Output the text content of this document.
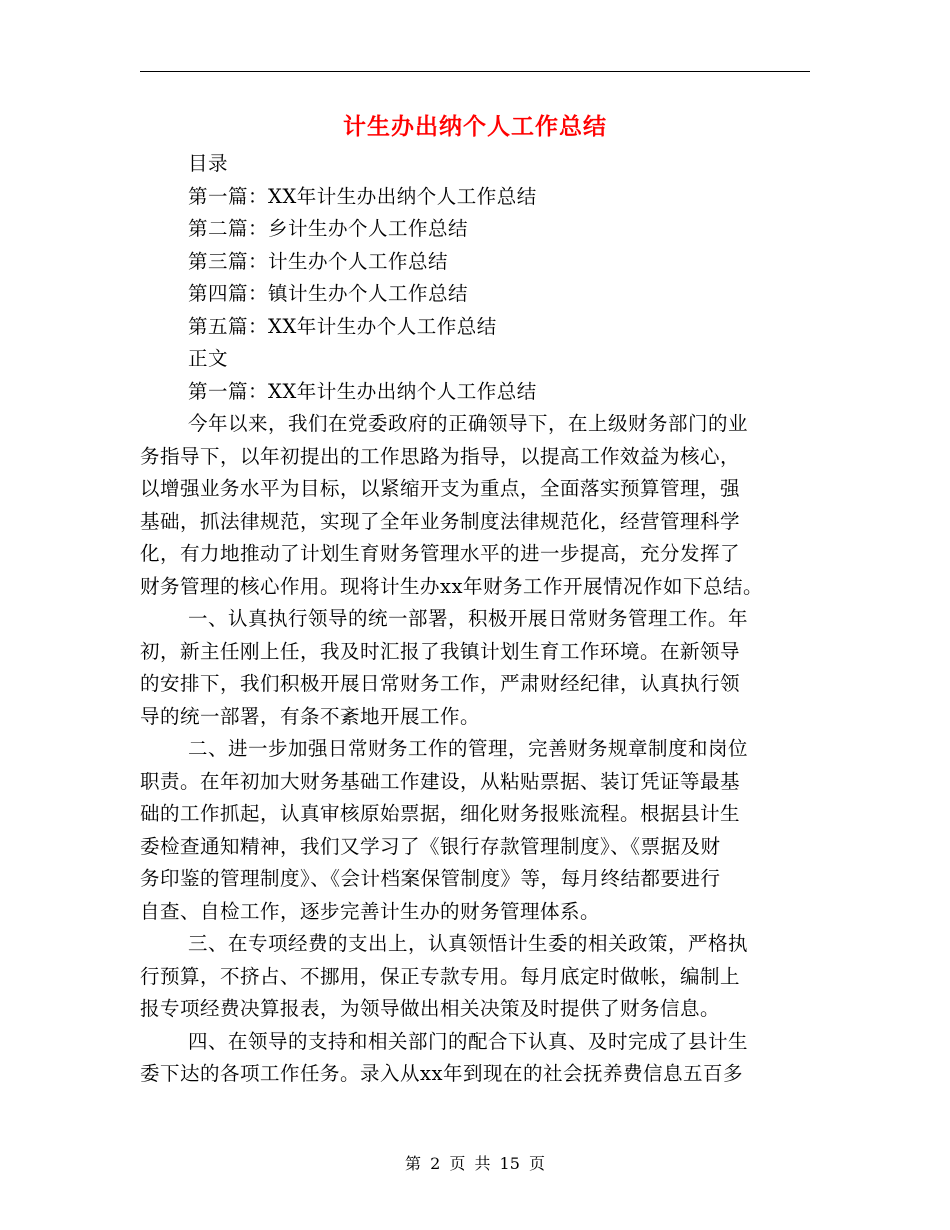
计生办出纳个人工作总结
目录
第一篇：XX年计生办出纳个人工作总结
第二篇：乡计生办个人工作总结
第三篇：计生办个人工作总结
第四篇：镇计生办个人工作总结
第五篇：XX年计生办个人工作总结
正文
第一篇：XX年计生办出纳个人工作总结
今年以来，我们在党委政府的正确领导下，在上级财务部门的业
务指导下，以年初提出的工作思路为指导，以提高工作效益为核心，
以增强业务水平为目标，以紧缩开支为重点，全面落实预算管理，强
基础，抓法律规范，实现了全年业务制度法律规范化，经营管理科学
化，有力地推动了计划生育财务管理水平的进一步提高，充分发挥了
财务管理的核心作用。现将计生办xx年财务工作开展情况作如下总结。
一、认真执行领导的统一部署，积极开展日常财务管理工作。年
初，新主任刚上任，我及时汇报了我镇计划生育工作环境。在新领导
的安排下，我们积极开展日常财务工作，严肃财经纪律，认真执行领
导的统一部署，有条不紊地开展工作。
二、进一步加强日常财务工作的管理，完善财务规章制度和岗位
职责。在年初加大财务基础工作建设，从粘贴票据、装订凭证等最基
础的工作抓起，认真审核原始票据，细化财务报账流程。根据县计生
委检查通知精神，我们又学习了《银行存款管理制度》、《票据及财
务印鉴的管理制度》、《会计档案保管制度》等，每月终结都要进行
自查、自检工作，逐步完善计生办的财务管理体系。
三、在专项经费的支出上，认真领悟计生委的相关政策，严格执
行预算，不挤占、不挪用，保正专款专用。每月底定时做帐，编制上
报专项经费决算报表，为领导做出相关决策及时提供了财务信息。
四、在领导的支持和相关部门的配合下认真、及时完成了县计生
委下达的各项工作任务。录入从xx年到现在的社会抚养费信息五百多
第 2 页 共 15 页
